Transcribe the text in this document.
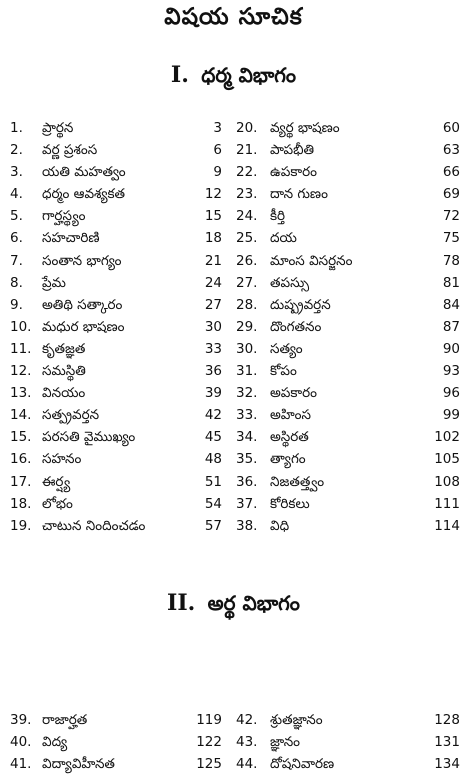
విషయ సూచిక
I. ధర్మ విభాగం
1. ప్రార్థన	3 20. వ్యర్థ భాషణం	60
2. వర్ణ ప్రశంస	6 21. పాపభీతి	63
3. యతి మహత్వం	9 22. ఉపకారం	66
4. ధర్మం ఆవశ్యకత	12 23. దాన గుణం	69
5. గార్హస్థ్యం	15 24. కీర్తి	72
6. సహచారిణి	18 25. దయ	75
7. సంతాన భాగ్యం	21 26. మాంస విసర్జనం	78
8. ప్రేమ	24 27. తపస్సు	81
9. అతిథి సత్కారం	27 28. దుష్ప్రవర్తన	84
10. మధుర భాషణం	30 29. దొంగతనం	87
11. కృతజ్ఞత	33 30. సత్యం	90
12. సమస్థితి	36 31. కోపం	93
13. వినయం	39 32. అపకారం	96
14. సత్ప్రవర్తన	42 33. అహింస	99
15. పరసతి వైముఖ్యం	45 34. అస్థిరత	102
16. సహనం	48 35. త్యాగం	105
17. ఈర్ష్య	51 36. నిజతత్త్వం	108
18. లోభం	54 37. కోరికలు	111
19. చాటున నిందించడం	57 38. విధి	114
II. అర్థ విభాగం
39. రాజార్హత	119 42. శ్రుతజ్ఞానం	128
40. విద్య	122 43. జ్ఞానం	131
41. విద్యావిహీనత	125 44. దోషనివారణ	134
